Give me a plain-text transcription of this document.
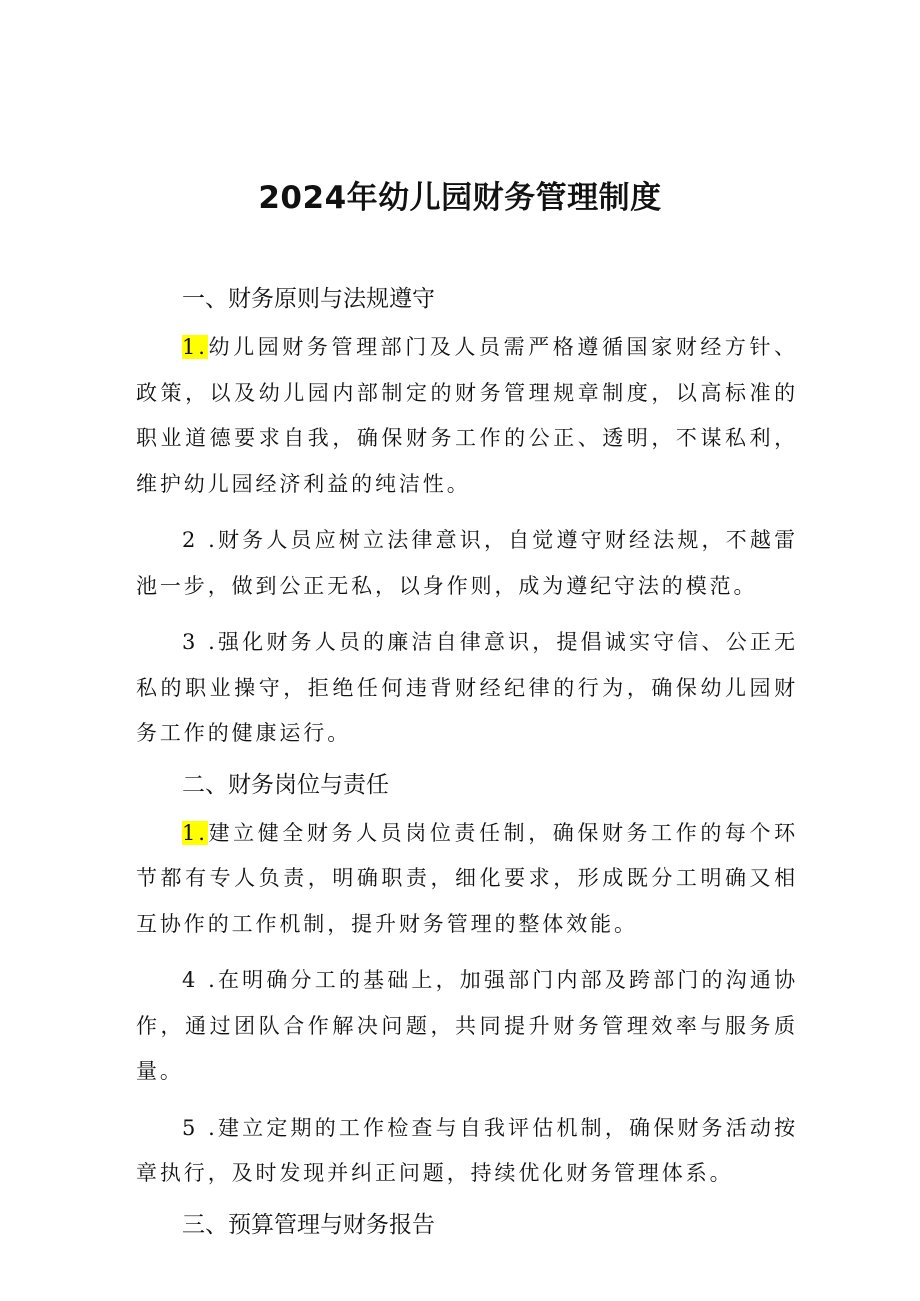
2024年幼儿园财务管理制度
一、财务原则与法规遵守

1.幼儿园财务管理部门及人员需严格遵循国家财经方针、政策，以及幼儿园内部制定的财务管理规章制度，以高标准的职业道德要求自我，确保财务工作的公正、透明，不谋私利，维护幼儿园经济利益的纯洁性。

2 .财务人员应树立法律意识，自觉遵守财经法规，不越雷池一步，做到公正无私，以身作则，成为遵纪守法的模范。

3 .强化财务人员的廉洁自律意识，提倡诚实守信、公正无私的职业操守，拒绝任何违背财经纪律的行为，确保幼儿园财务工作的健康运行。

二、财务岗位与责任

1.建立健全财务人员岗位责任制，确保财务工作的每个环节都有专人负责，明确职责，细化要求，形成既分工明确又相互协作的工作机制，提升财务管理的整体效能。

4 .在明确分工的基础上，加强部门内部及跨部门的沟通协作，通过团队合作解决问题，共同提升财务管理效率与服务质量。

5 .建立定期的工作检查与自我评估机制，确保财务活动按章执行，及时发现并纠正问题，持续优化财务管理体系。

三、预算管理与财务报告
